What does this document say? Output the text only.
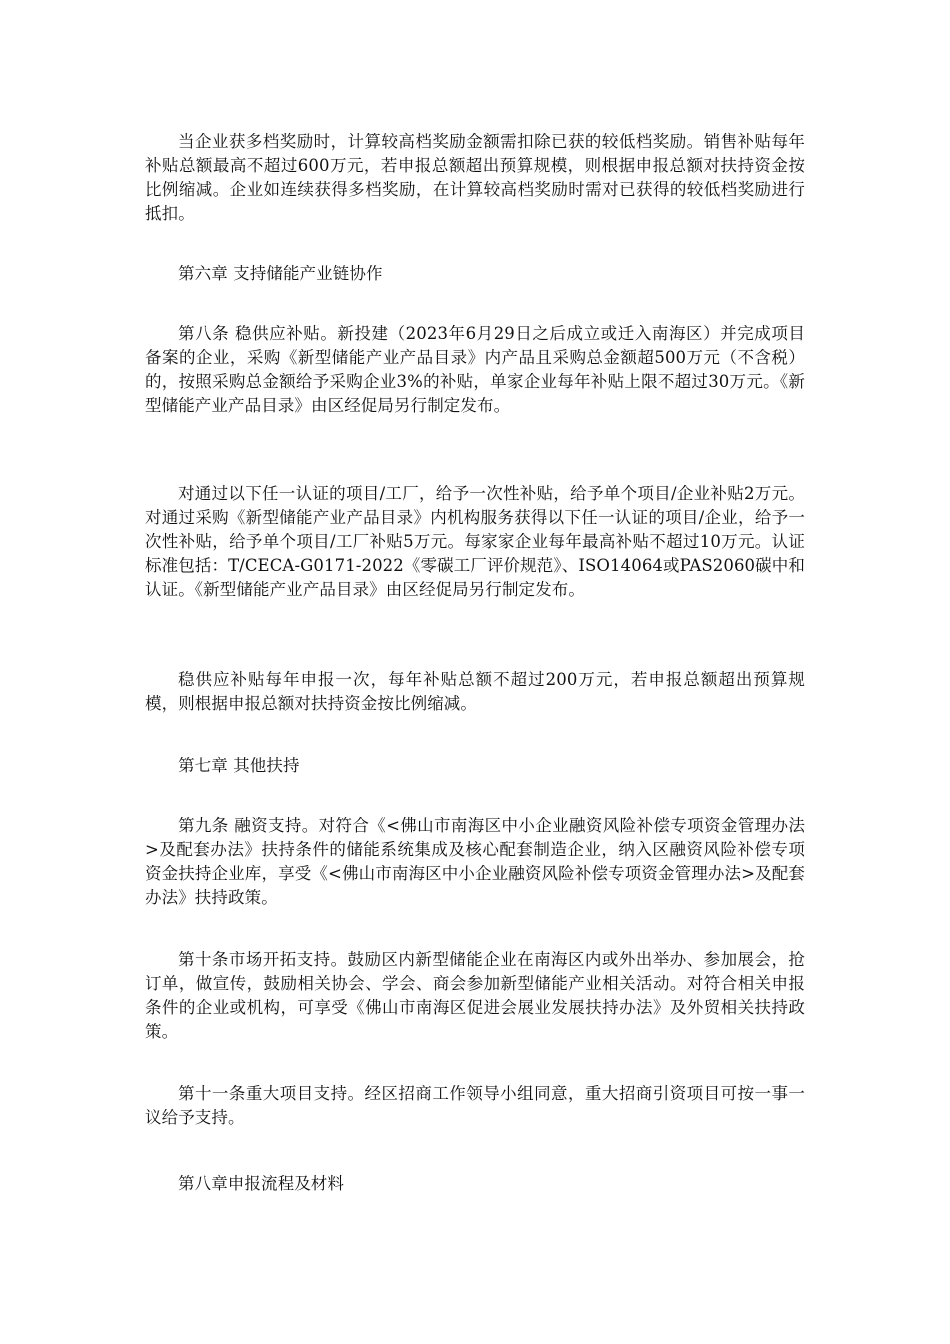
当企业获多档奖励时，计算较高档奖励金额需扣除已获的较低档奖励。销售补贴每年补贴总额最高不超过600万元，若申报总额超出预算规模，则根据申报总额对扶持资金按比例缩减。企业如连续获得多档奖励，在计算较高档奖励时需对已获得的较低档奖励进行抵扣。

第六章 支持储能产业链协作

第八条 稳供应补贴。新投建（2023年6月29日之后成立或迁入南海区）并完成项目备案的企业，采购《新型储能产业产品目录》内产品且采购总金额超500万元（不含税）的，按照采购总金额给予采购企业3%的补贴，单家企业每年补贴上限不超过30万元。《新型储能产业产品目录》由区经促局另行制定发布。

对通过以下任一认证的项目/工厂，给予一次性补贴，给予单个项目/企业补贴2万元。对通过采购《新型储能产业产品目录》内机构服务获得以下任一认证的项目/企业，给予一次性补贴，给予单个项目/工厂补贴5万元。每家家企业每年最高补贴不超过10万元。认证标准包括：T/CECA-G0171-2022《零碳工厂评价规范》、ISO14064或PAS2060碳中和认证。《新型储能产业产品目录》由区经促局另行制定发布。

稳供应补贴每年申报一次，每年补贴总额不超过200万元，若申报总额超出预算规模，则根据申报总额对扶持资金按比例缩减。

第七章 其他扶持

第九条 融资支持。对符合《<佛山市南海区中小企业融资风险补偿专项资金管理办法>及配套办法》扶持条件的储能系统集成及核心配套制造企业，纳入区融资风险补偿专项资金扶持企业库，享受《<佛山市南海区中小企业融资风险补偿专项资金管理办法>及配套办法》扶持政策。

第十条市场开拓支持。鼓励区内新型储能企业在南海区内或外出举办、参加展会，抢订单，做宣传，鼓励相关协会、学会、商会参加新型储能产业相关活动。对符合相关申报条件的企业或机构，可享受《佛山市南海区促进会展业发展扶持办法》及外贸相关扶持政策。

第十一条重大项目支持。经区招商工作领导小组同意，重大招商引资项目可按一事一议给予支持。

第八章申报流程及材料
